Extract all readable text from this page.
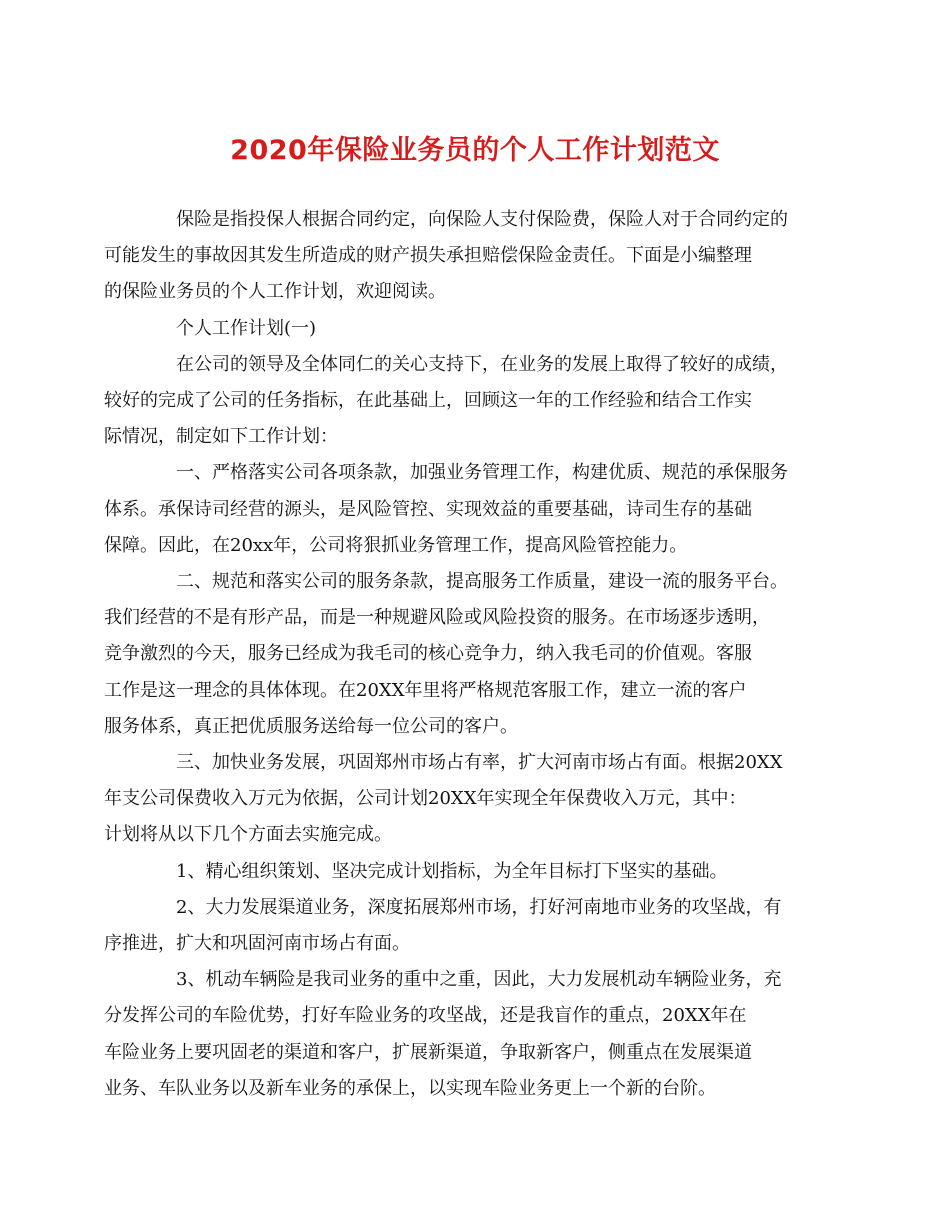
2020年保险业务员的个人工作计划范文

保险是指投保人根据合同约定，向保险人支付保险费，保险人对于合同约定的
可能发生的事故因其发生所造成的财产损失承担赔偿保险金责任。下面是小编整理
的保险业务员的个人工作计划，欢迎阅读。

个人工作计划(一)

在公司的领导及全体同仁的关心支持下，在业务的发展上取得了较好的成绩，
较好的完成了公司的任务指标，在此基础上，回顾这一年的工作经验和结合工作实
际情况，制定如下工作计划：

一、严格落实公司各项条款，加强业务管理工作，构建优质、规范的承保服务
体系。承保诗司经营的源头，是风险管控、实现效益的重要基础，诗司生存的基础
保障。因此，在20xx年，公司将狠抓业务管理工作，提高风险管控能力。

二、规范和落实公司的服务条款，提高服务工作质量，建设一流的服务平台。
我们经营的不是有形产品，而是一种规避风险或风险投资的服务。在市场逐步透明，
竞争激烈的今天，服务已经成为我毛司的核心竞争力，纳入我毛司的价值观。客服
工作是这一理念的具体体现。在20XX年里将严格规范客服工作，建立一流的客户
服务体系，真正把优质服务送给每一位公司的客户。

三、加快业务发展，巩固郑州市场占有率，扩大河南市场占有面。根据20XX
年支公司保费收入万元为依据，公司计划20XX年实现全年保费收入万元，其中：
计划将从以下几个方面去实施完成。

1、精心组织策划、坚决完成计划指标，为全年目标打下坚实的基础。

2、大力发展渠道业务，深度拓展郑州市场，打好河南地市业务的攻坚战，有
序推进，扩大和巩固河南市场占有面。

3、机动车辆险是我司业务的重中之重，因此，大力发展机动车辆险业务，充
分发挥公司的车险优势，打好车险业务的攻坚战，还是我盲作的重点，20XX年在
车险业务上要巩固老的渠道和客户，扩展新渠道，争取新客户，侧重点在发展渠道
业务、车队业务以及新车业务的承保上，以实现车险业务更上一个新的台阶。
